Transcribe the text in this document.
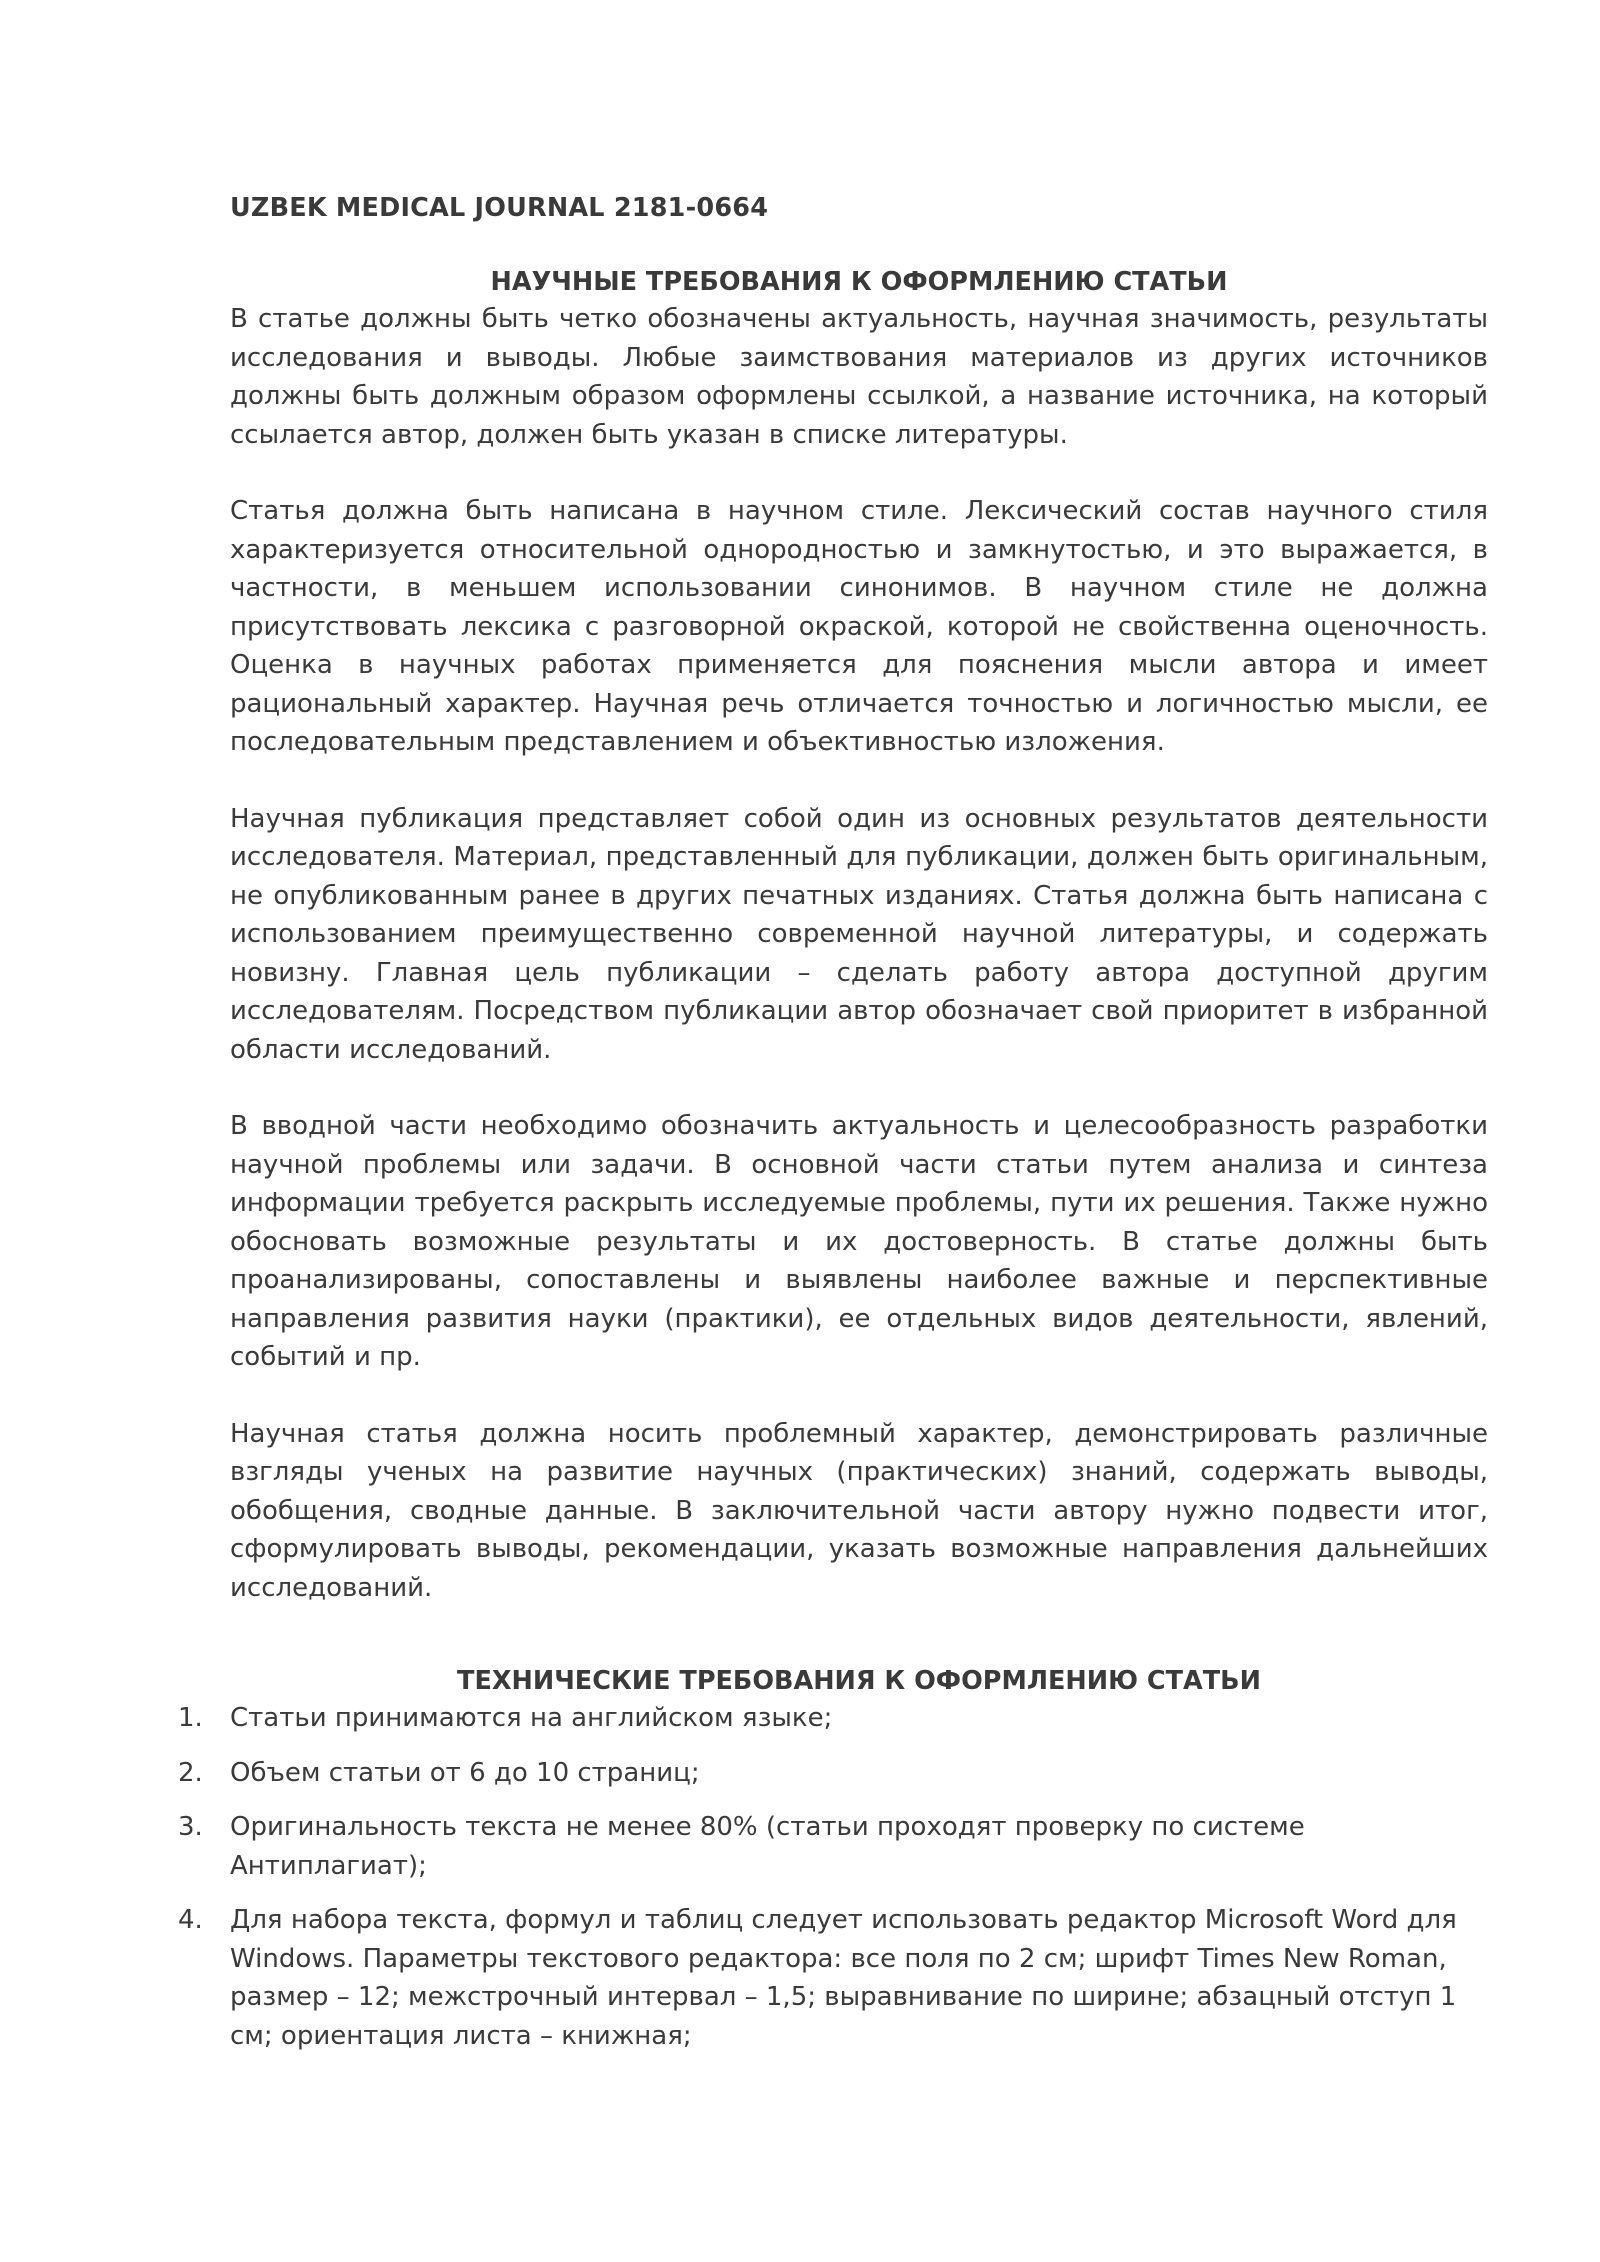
UZBEK MEDICAL JOURNAL 2181-0664
НАУЧНЫЕ ТРЕБОВАНИЯ К ОФОРМЛЕНИЮ СТАТЬИ

В статье должны быть четко обозначены актуальность, научная значимость, результаты исследования и выводы. Любые заимствования материалов из других источников должны быть должным образом оформлены ссылкой, а название источника, на который ссылается автор, должен быть указан в списке литературы.

Статья должна быть написана в научном стиле. Лексический состав научного стиля характеризуется относительной однородностью и замкнутостью, и это выражается, в частности, в меньшем использовании синонимов. В научном стиле не должна присутствовать лексика с разговорной окраской, которой не свойственна оценочность. Оценка в научных работах применяется для пояснения мысли автора и имеет рациональный характер. Научная речь отличается точностью и логичностью мысли, ее последовательным представлением и объективностью изложения.

Научная публикация представляет собой один из основных результатов деятельности исследователя. Материал, представленный для публикации, должен быть оригинальным, не опубликованным ранее в других печатных изданиях. Статья должна быть написана с использованием преимущественно современной научной литературы, и содержать новизну. Главная цель публикации – сделать работу автора доступной другим исследователям. Посредством публикации автор обозначает свой приоритет в избранной области исследований.

В вводной части необходимо обозначить актуальность и целесообразность разработки научной проблемы или задачи. В основной части статьи путем анализа и синтеза информации требуется раскрыть исследуемые проблемы, пути их решения. Также нужно обосновать возможные результаты и их достоверность. В статье должны быть проанализированы, сопоставлены и выявлены наиболее важные и перспективные направления развития науки (практики), ее отдельных видов деятельности, явлений, событий и пр.

Научная статья должна носить проблемный характер, демонстрировать различные взгляды ученых на развитие научных (практических) знаний, содержать выводы, обобщения, сводные данные. В заключительной части автору нужно подвести итог, сформулировать выводы, рекомендации, указать возможные направления дальнейших исследований.

ТЕХНИЧЕСКИЕ ТРЕБОВАНИЯ К ОФОРМЛЕНИЮ СТАТЬИ
1. Статьи принимаются на английском языке;
2. Объем статьи от 6 до 10 страниц;
3. Оригинальность текста не менее 80% (статьи проходят проверку по системе Антиплагиат);
4. Для набора текста, формул и таблиц следует использовать редактор Microsoft Word для Windows. Параметры текстового редактора: все поля по 2 см; шрифт Times New Roman, размер – 12; межстрочный интервал – 1,5; выравнивание по ширине; абзацный отступ 1 см; ориентация листа – книжная;
